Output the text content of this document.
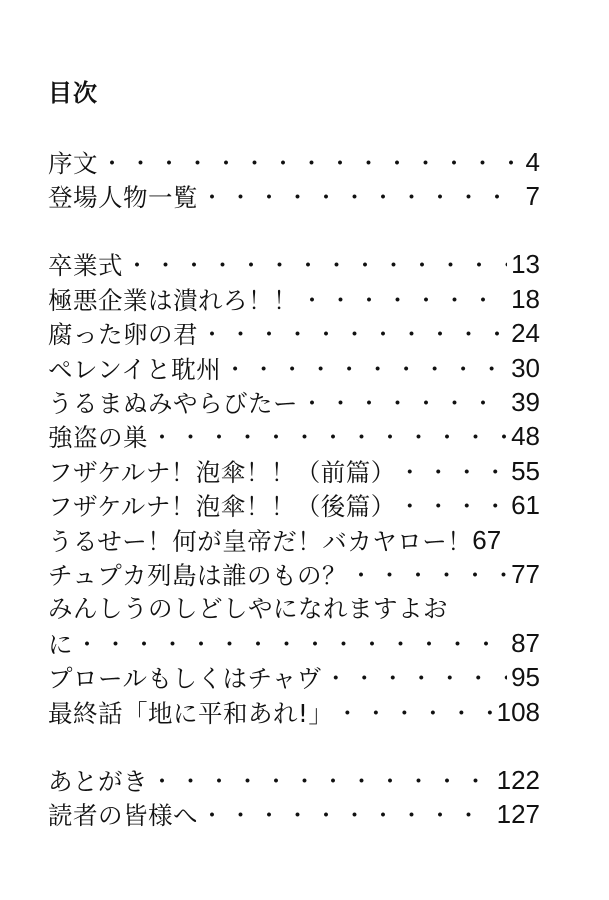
目次
序文 ・・・・・・・・・・・・・・・・・・・・・・・・・・・・・・・・・・・・・・・	4
登場人物一覧 ・・・・・・・・・・・・・・・・・・・・・・・・・・・・・・・・・・・・・・・	7
卒業式 ・・・・・・・・・・・・・・・・・・・・・・・・・・・・・・・・・・・・・・・	13
極悪企業は潰れろ！！ ・・・・・・・・・・・・・・・・・・・・・・・・・・・・・・・・・・・・・・・	18
腐った卵の君 ・・・・・・・・・・・・・・・・・・・・・・・・・・・・・・・・・・・・・・・	24
ペレンイと耽州 ・・・・・・・・・・・・・・・・・・・・・・・・・・・・・・・・・・・・・・・	30
うるまぬみやらびたー ・・・・・・・・・・・・・・・・・・・・・・・・・・・・・・・・・・・・・・・	39
強盗の巣 ・・・・・・・・・・・・・・・・・・・・・・・・・・・・・・・・・・・・・・・	48
フザケルナ！泡傘！！（前篇） ・・・・・・・・・・・・・・・・・・・・・・・・・・・・・・・・・・・・・・・	55
フザケルナ！泡傘！！（後篇） ・・・・・・・・・・・・・・・・・・・・・・・・・・・・・・・・・・・・・・・	61
うるせー！何が皇帝だ！バカヤロー！ 67
チュプカ列島は誰のもの？ ・・・・・・・・・・・・・・・・・・・・・・・・・・・・・・・・・・・・・・・	77
みんしうのしどしやになれますよお
に ・・・・・・・・・・・・・・・・・・・・・・・・・・・・・・・・・・・・・・・	87
プロールもしくはチャヴ ・・・・・・・・・・・・・・・・・・・・・・・・・・・・・・・・・・・・・・・	95
最終話「地に平和あれ!」 ・・・・・・・・・・・・・・・・・・・・・・・・・・・・・・・・・・・・・・・	108
あとがき ・・・・・・・・・・・・・・・・・・・・・・・・・・・・・・・・・・・・・・・	122
読者の皆様へ ・・・・・・・・・・・・・・・・・・・・・・・・・・・・・・・・・・・・・・・	127
